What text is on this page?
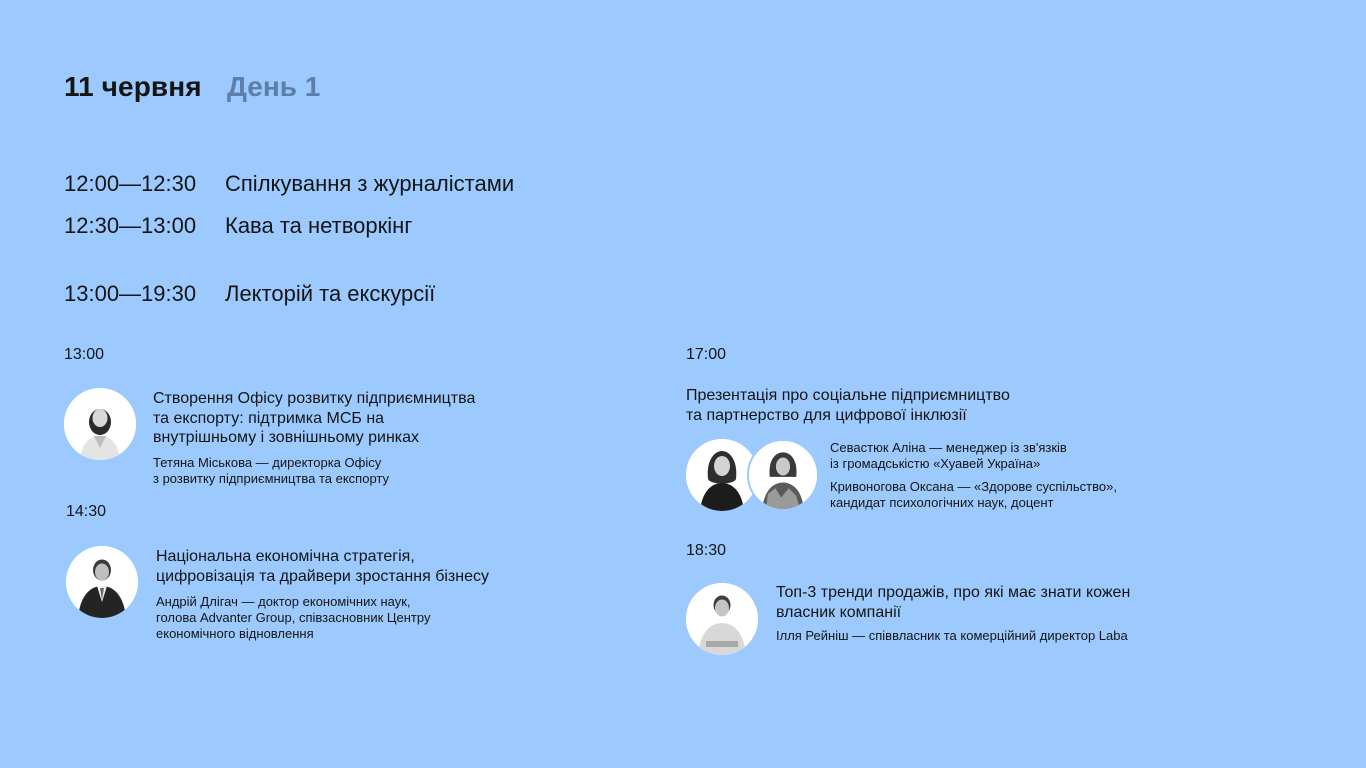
11 червня День 1
12:00—12:30 Спілкування з журналістами
12:30—13:00 Кава та нетворкінг
13:00—19:30 Лекторій та екскурсії
13:00
Створення Офісу розвитку підприємництва
та експорту: підтримка МСБ на
внутрішньому і зовнішньому ринках
Тетяна Міськова — директорка Офісу
з розвитку підприємництва та експорту
14:30
Національна економічна стратегія,
цифровізація та драйвери зростання бізнесу
Андрій Длігач — доктор економічних наук,
голова Advanter Group, співзасновник Центру
економічного відновлення
17:00
Презентація про соціальне підприємництво
та партнерство для цифрової інклюзії
Севастюк Аліна — менеджер із зв'язків
із громадськістю «Хуавей Україна»
Кривоногова Оксана — «Здорове суспільство»,
кандидат психологічних наук, доцент
18:30
Топ-3 тренди продажів, про які має знати кожен
власник компанії
Ілля Рейніш — співвласник та комерційний директор Laba
